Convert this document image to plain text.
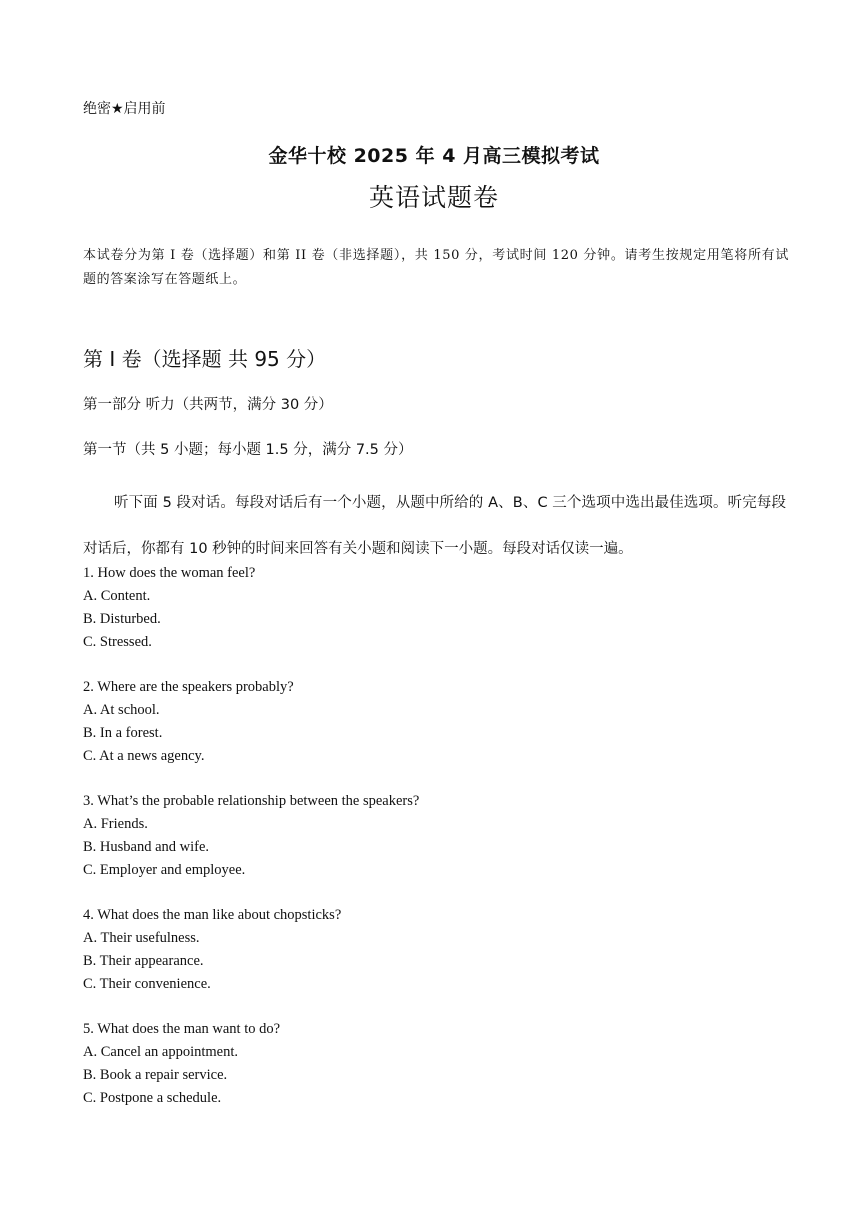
绝密★启用前
金华十校 2025 年 4 月高三模拟考试
英语试题卷
本试卷分为第 I 卷（选择题）和第 II 卷（非选择题），共 150 分，考试时间 120 分钟。请考生按规定用笔将所有试题的答案涂写在答题纸上。
第 I 卷（选择题 共 95 分）
第一部分 听力（共两节，满分 30 分）
第一节（共 5 小题；每小题 1.5 分，满分 7.5 分）
听下面 5 段对话。每段对话后有一个小题，从题中所给的 A、B、C 三个选项中选出最佳选项。听完每段对话后，你都有 10 秒钟的时间来回答有关小题和阅读下一小题。每段对话仅读一遍。
1. How does the woman feel?
A. Content.
B. Disturbed.
C. Stressed.
2. Where are the speakers probably?
A. At school.
B. In a forest.
C. At a news agency.
3. What’s the probable relationship between the speakers?
A. Friends.
B. Husband and wife.
C. Employer and employee.
4. What does the man like about chopsticks?
A. Their usefulness.
B. Their appearance.
C. Their convenience.
5. What does the man want to do?
A. Cancel an appointment.
B. Book a repair service.
C. Postpone a schedule.
